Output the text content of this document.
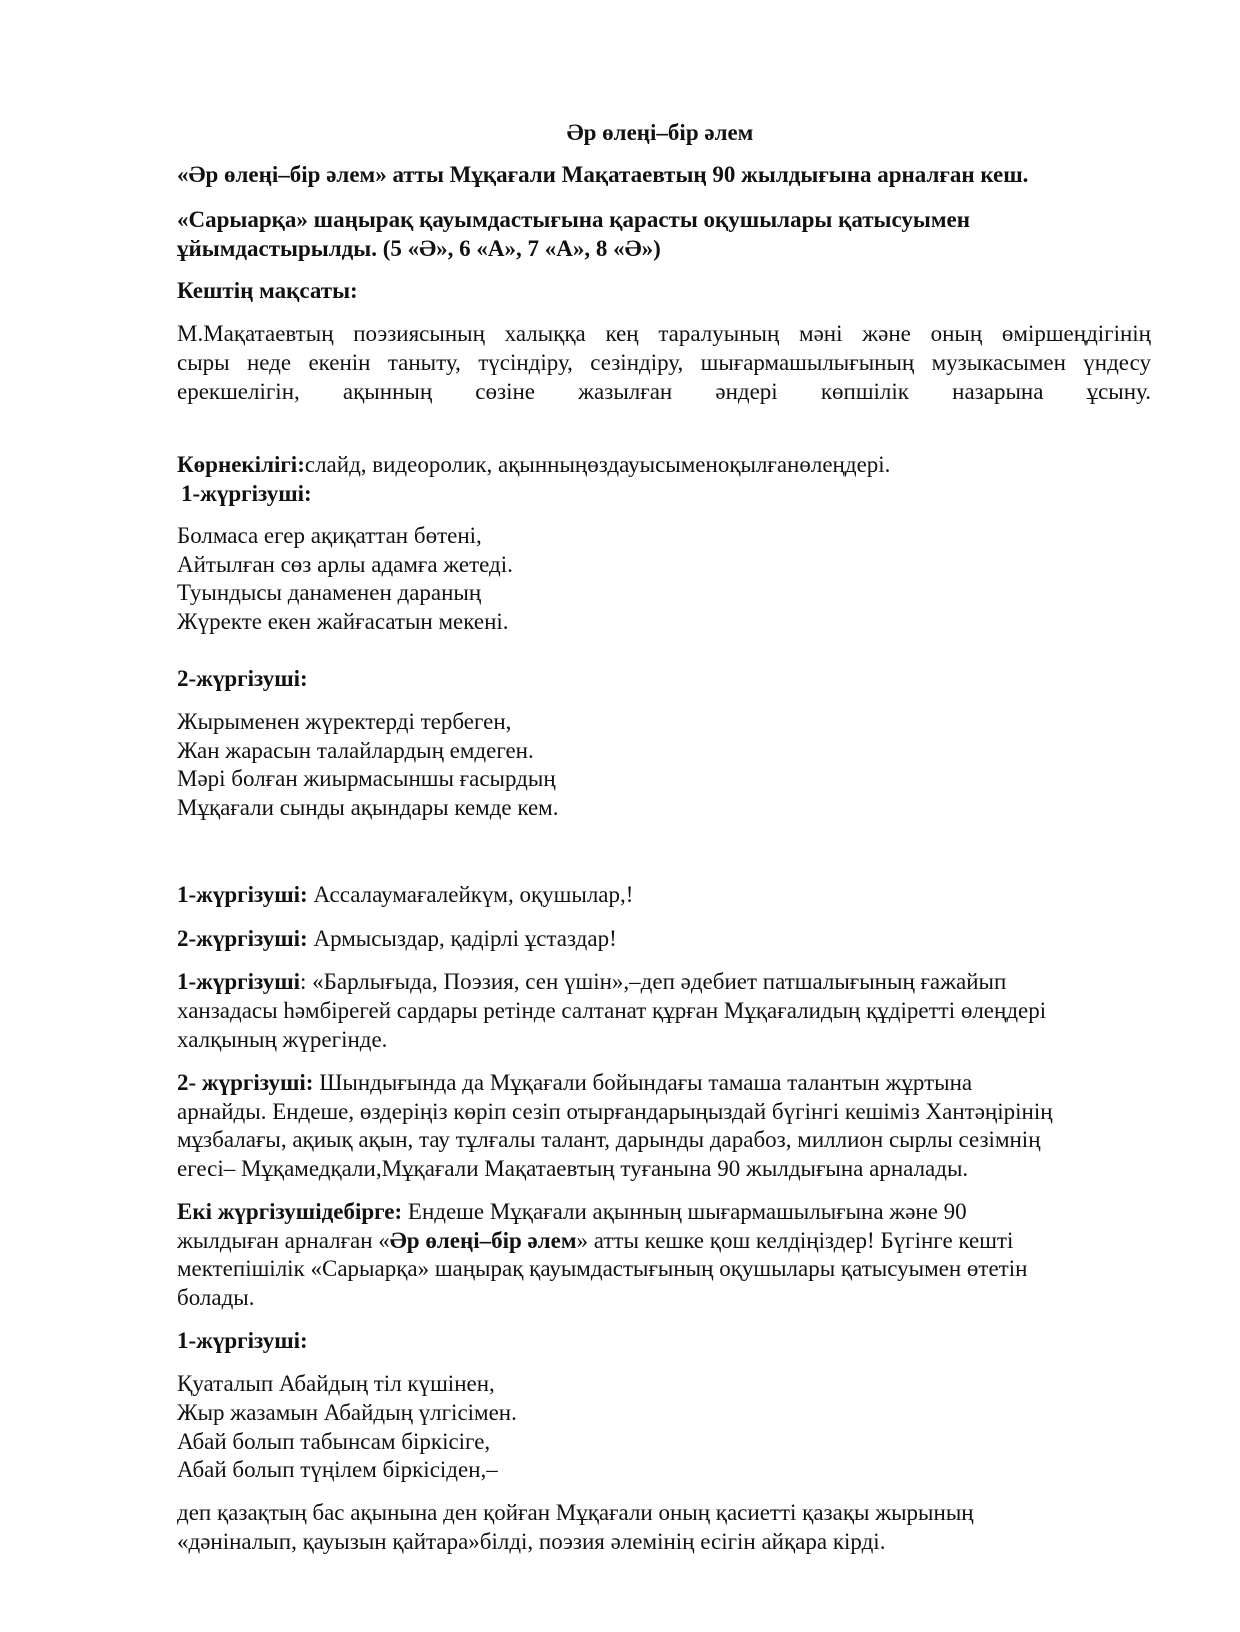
Әр өлеңі–бір әлем
«Әр өлеңі–бір әлем» атты Мұқағали Мақатаевтың 90 жылдығына арналған кеш.
«Сарыарқа» шаңырақ қауымдастығына қарасты оқушылары қатысуымен
ұйымдастырылды. (5 «Ә», 6 «А», 7 «А», 8 «Ә»)
Кештің мақсаты:
М.Мақатаевтың поэзиясының халыққа кең таралуының мәні және оның өміршеңдігінің
сыры неде екенін таныту, түсіндіру, сезіндіру, шығармашылығының музыкасымен үндесу
ерекшелігін, ақынның сөзіне жазылған әндері көпшілік назарына ұсыну.
Көрнекілігі:слайд, видеоролик, ақынныңөздауысыменоқылғанөлеңдері.
1-жүргізуші:
Болмаса егер ақиқаттан бөтені,
Айтылған сөз арлы адамға жетеді.
Туындысы данаменен дараның
Жүректе екен жайғасатын мекені.
2-жүргізуші:
Жырыменен жүректерді тербеген,
Жан жарасын талайлардың емдеген.
Мәрі болған жиырмасыншы ғасырдың
Мұқағали сынды ақындары кемде кем.
1-жүргізуші: Ассалаумағалейкүм, оқушылар,!
2-жүргізуші: Армысыздар, қадірлі ұстаздар!
1-жүргізуші: «Барлығыда, Поэзия, сен үшін»,–деп әдебиет патшалығының ғажайып
ханзадасы һәмбірегей сардары ретінде салтанат құрған Мұқағалидың құдіретті өлеңдері
халқының жүрегінде.
2- жүргізуші: Шындығында да Мұқағали бойындағы тамаша талантын жұртына
арнайды. Ендеше, өздеріңіз көріп сезіп отырғандарыңыздай бүгінгі кешіміз Хантәңірінің
мұзбалағы, ақиық ақын, тау тұлғалы талант, дарынды дарабоз, миллион сырлы сезімнің
егесі– Мұқамедқали,Мұқағали Мақатаевтың туғанына 90 жылдығына арналады.
Екі жүргізушідебірге: Ендеше Мұқағали ақынның шығармашылығына және 90
жылдыған арналған «Әр өлеңі–бір әлем» атты кешке қош келдіңіздер! Бүгінге кешті
мектепішілік «Сарыарқа» шаңырақ қауымдастығының оқушылары қатысуымен өтетін
болады.
1-жүргізуші:
Қуаталып Абайдың тіл күшінен,
Жыр жазамын Абайдың үлгісімен.
Абай болып табынсам біркісіге,
Абай болып түңілем біркісіден,–
деп қазақтың бас ақынына ден қойған Мұқағали оның қасиетті қазақы жырының
«дәніналып, қауызын қайтара»білді, поэзия әлемінің есігін айқара кірді.
